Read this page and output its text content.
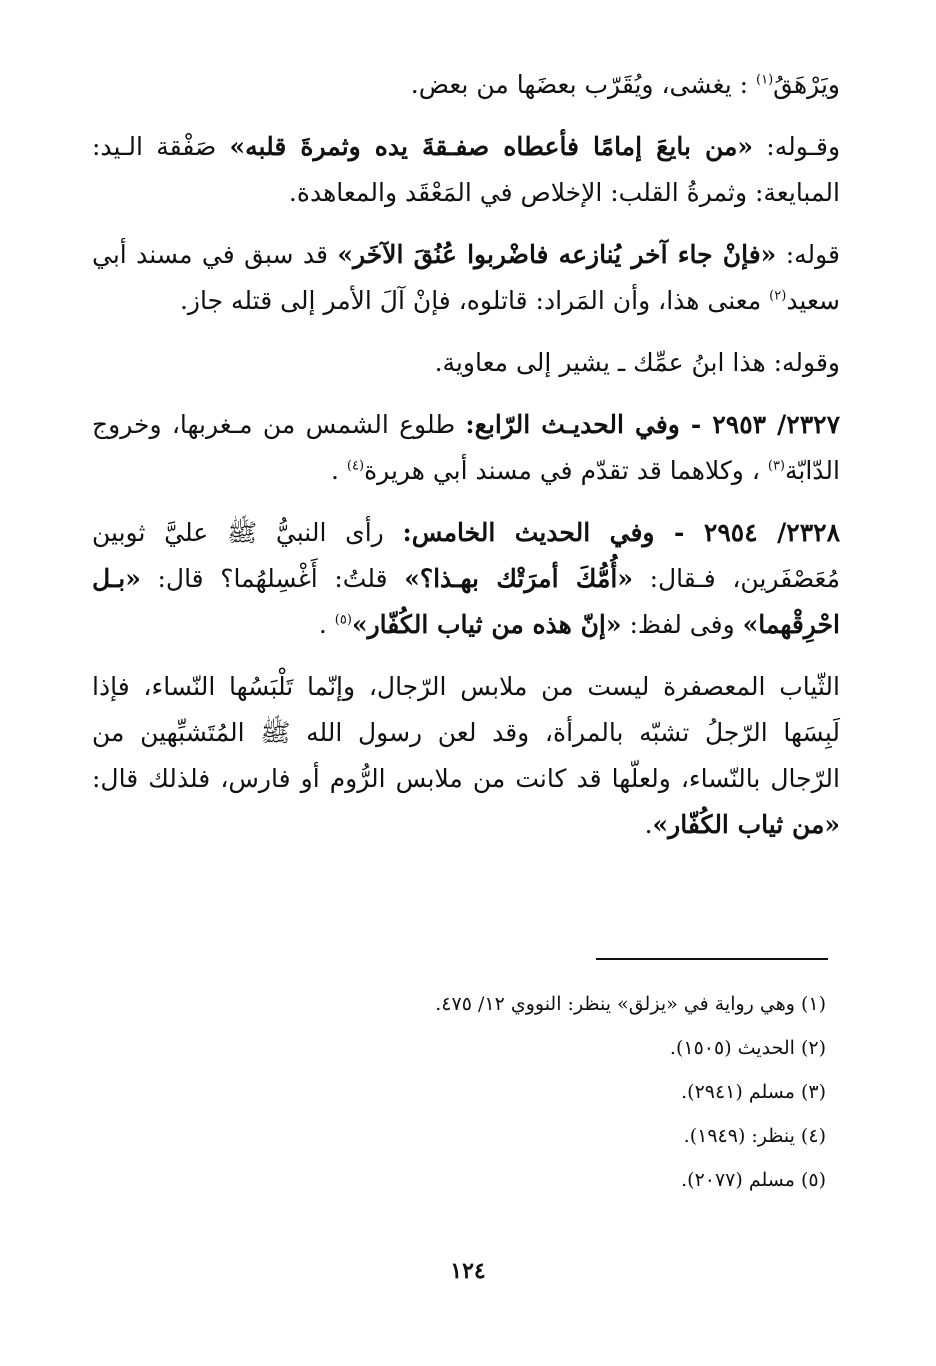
ويَرْهَقُ$^{(١)}$ : يغشى، ويُقَرّب بعضَها من بعض.

وقـوله: «من بايعَ إمامًا فأعطاه صفـقةَ يده وثمرةَ قلبه» صَفْقة الـيد: المبايعة: وثمرةُ القلب: الإخلاص في المَعْقَد والمعاهدة.

قوله: «فإنْ جاء آخر يُنازعه فاضْربوا عُنُقَ الآخَر» قد سبق في مسند أبي سعيد$^{(٢)}$ معنى هذا، وأن المَراد: قاتلوه، فإنْ آلَ الأمر إلى قتله جاز.

وقوله: هذا ابنُ عمِّك ـ يشير إلى معاوية.

٢٣٢٧/ ٢٩٥٣ - وفي الحديـث الرّابع: طلوع الشمس من مـغربها، وخروج الدّابّة$^{(٣)}$ ، وكلاهما قد تقدّم في مسند أبي هريرة$^{(٤)}$ .

٢٣٢٨/ ٢٩٥٤ - وفي الحديث الخامس: رأى النبيُّ ﷺ عليَّ ثوبين مُعَصْفَرين، فـقال: «أُمُّكَ أمرَتْك بهـذا؟» قلتُ: أَغْسِلهُما؟ قال: «بـل احْرِقْهما» وفى لفظ: «إنّ هذه من ثياب الكُفّار»$^{(٥)}$ .

الثّياب المعصفرة ليست من ملابس الرّجال، وإنّما تَلْبَسُها النّساء، فإذا لَبِسَها الرّجلُ تشبّه بالمرأة، وقد لعن رسول الله ﷺ المُتَشبِّهين من الرّجال بالنّساء، ولعلّها قد كانت من ملابس الرُّوم أو فارس، فلذلك قال: «من ثياب الكُفّار».

(١) وهي رواية في «يزلق» ينظر: النووي ١٢/ ٤٧٥.

(٢) الحديث (١٥٠٥).

(٣) مسلم (٢٩٤١).

(٤) ينظر: (١٩٤٩).

(٥) مسلم (٢٠٧٧).

١٢٤
